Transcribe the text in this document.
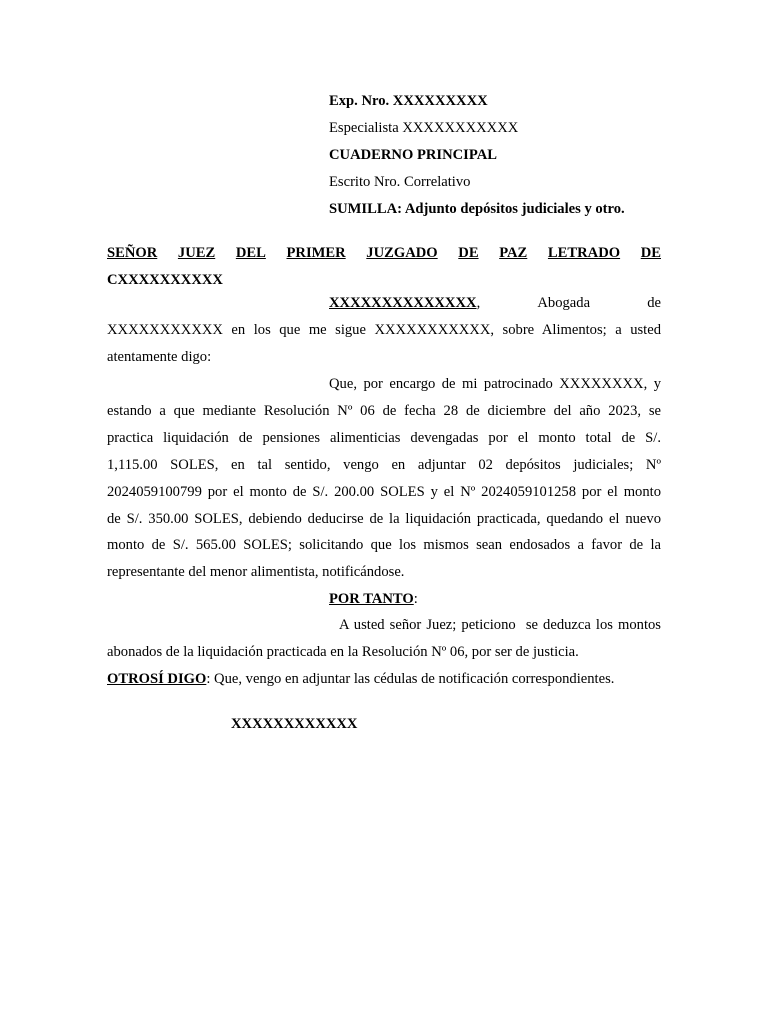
Exp. Nro. XXXXXXXXX
Especialista XXXXXXXXXXX
CUADERNO PRINCIPAL
Escrito Nro. Correlativo
SUMILLA: Adjunto depósitos judiciales y otro.
SEÑOR JUEZ DEL PRIMER JUZGADO DE PAZ LETRADO DE
CXXXXXXXXXX
XXXXXXXXXXXXXX,	Abogada	de
XXXXXXXXXXX en los que me sigue XXXXXXXXXXX, sobre Alimentos; a usted
atentamente digo:
Que, por encargo de mi patrocinado XXXXXXXX, y
estando a que mediante Resolución Nº 06 de fecha 28 de diciembre del año 2023, se
practica liquidación de pensiones alimenticias devengadas por el monto total de S/.
1,115.00 SOLES, en tal sentido, vengo en adjuntar 02 depósitos judiciales; Nº
2024059100799 por el monto de S/. 200.00 SOLES y el Nº 2024059101258 por el monto
de S/. 350.00 SOLES, debiendo deducirse de la liquidación practicada, quedando el nuevo
monto de S/. 565.00 SOLES; solicitando que los mismos sean endosados a favor de la
representante del menor alimentista, notificándose.
POR TANTO:
A usted señor Juez; peticiono  se deduzca los montos
abonados de la liquidación practicada en la Resolución Nº 06, por ser de justicia.
OTROSÍ DIGO: Que, vengo en adjuntar las cédulas de notificación correspondientes.
XXXXXXXXXXXX
